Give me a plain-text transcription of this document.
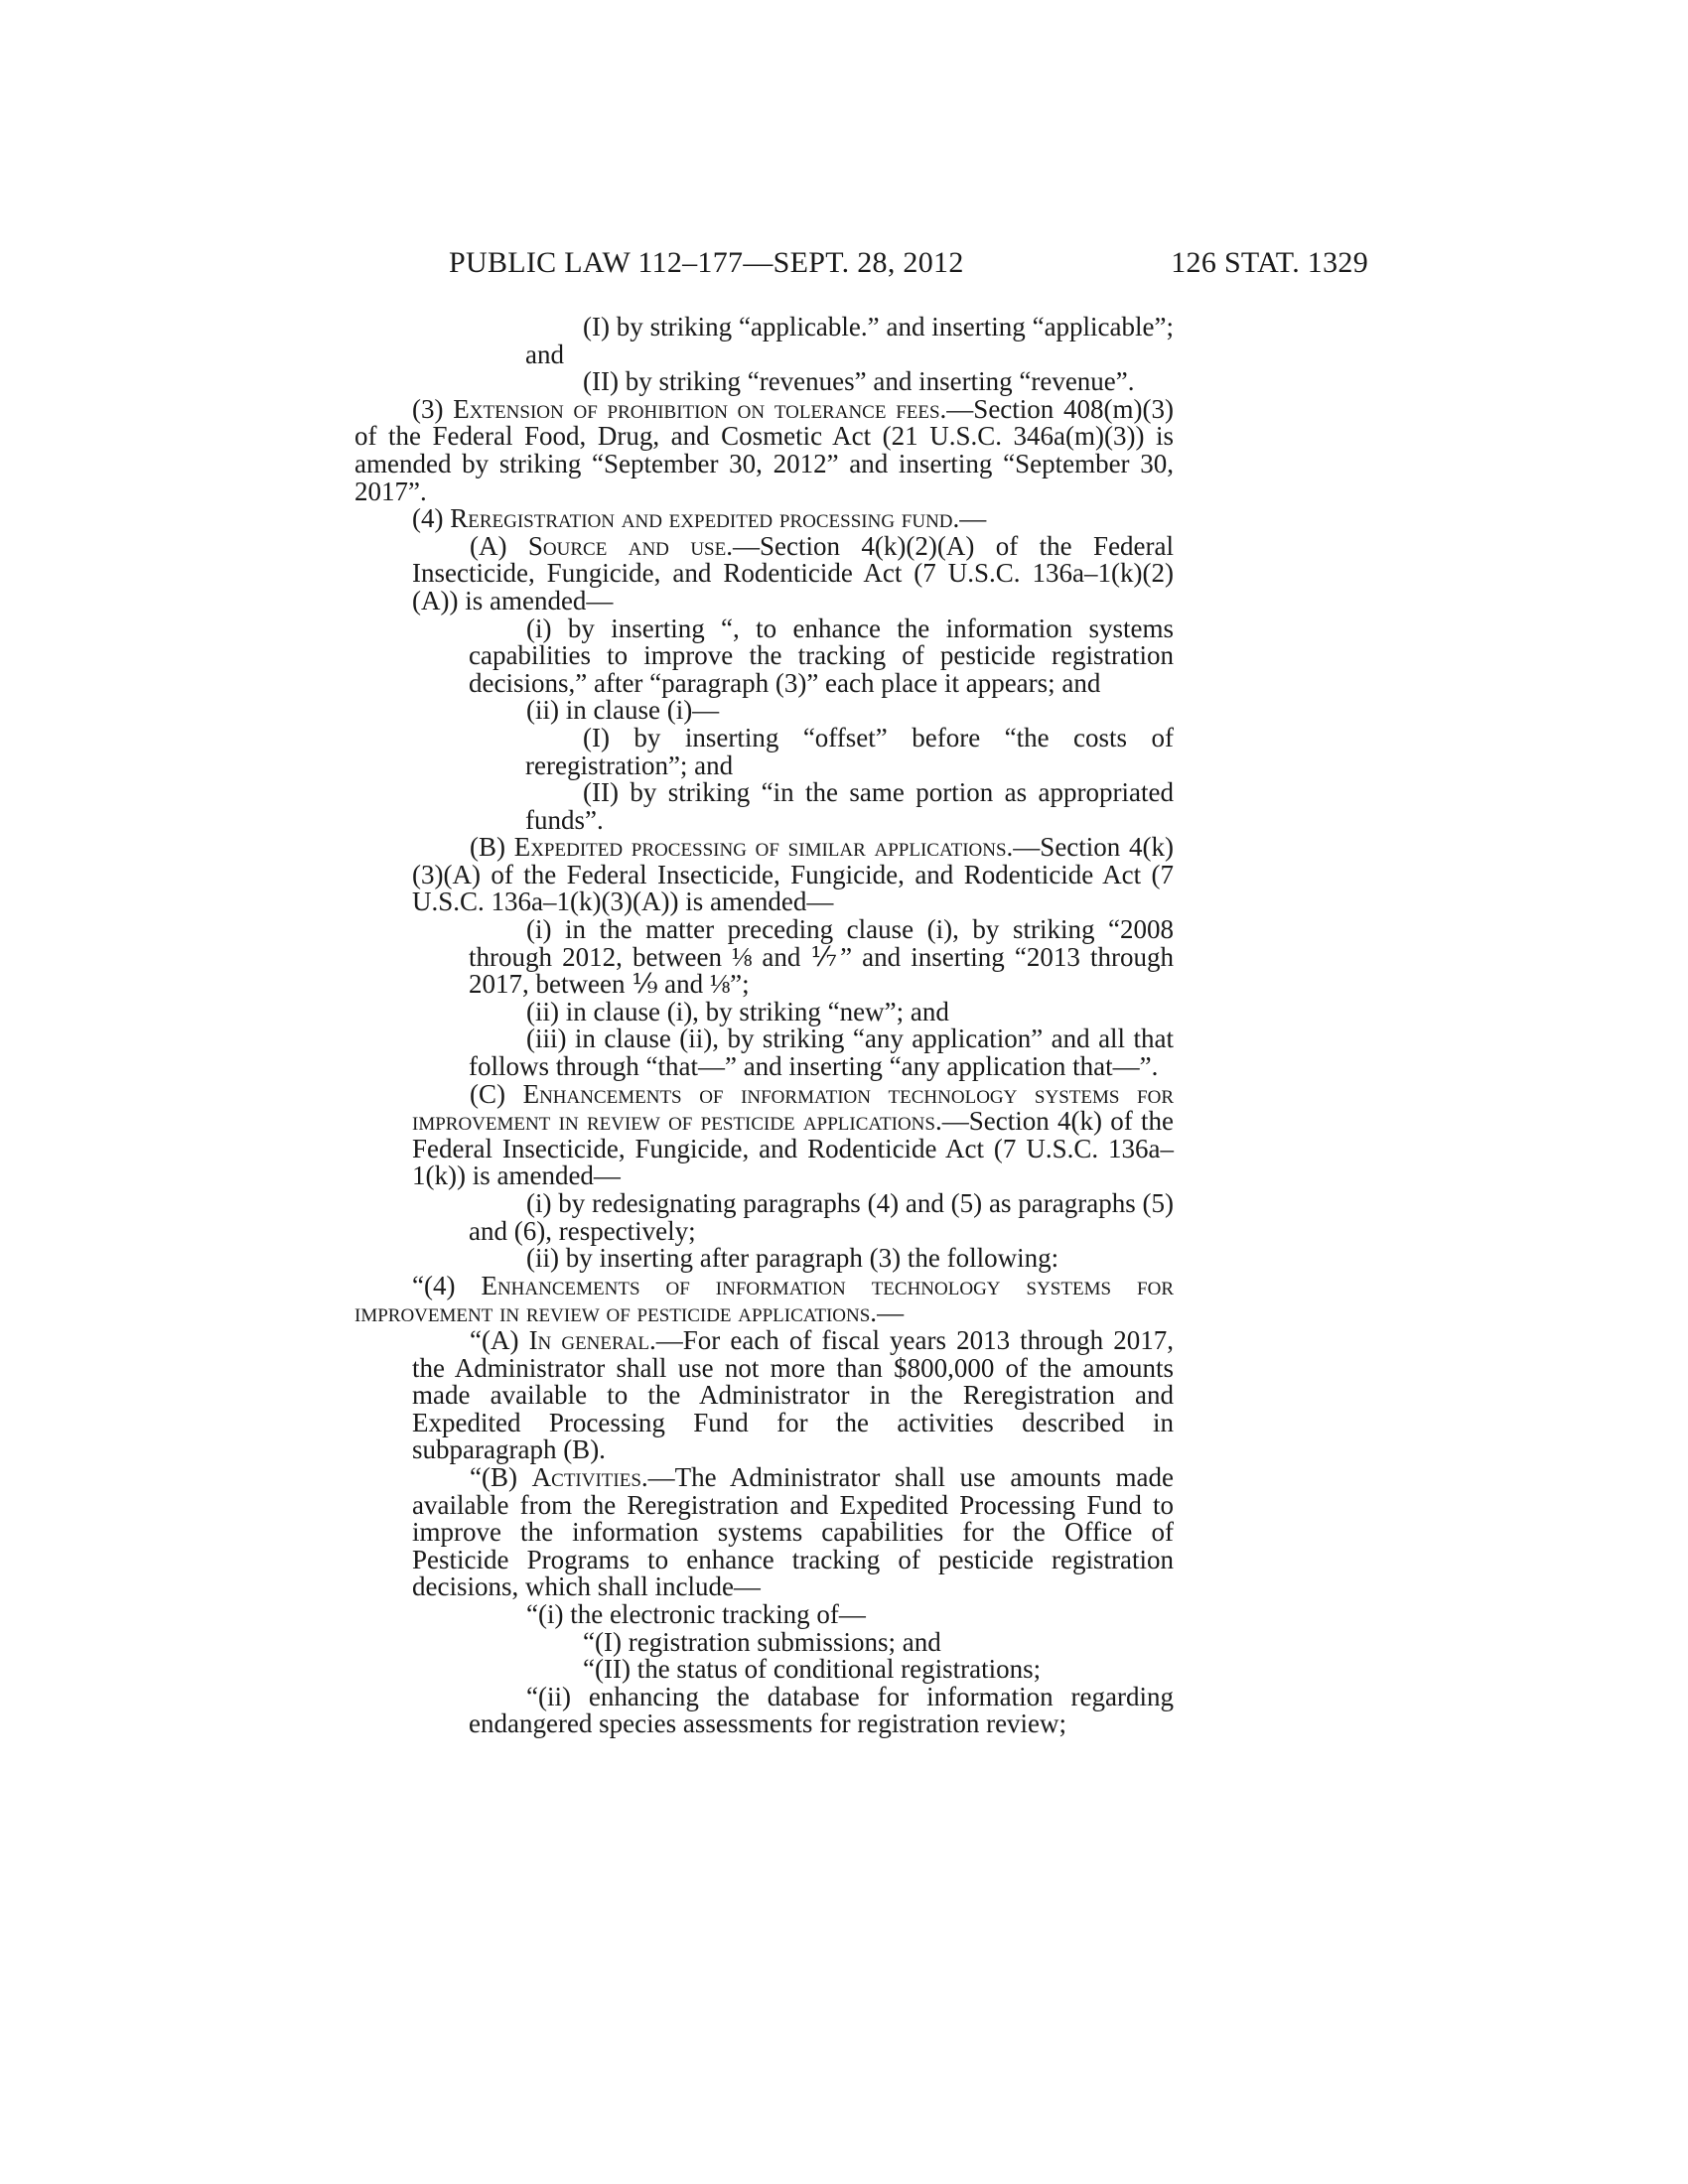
PUBLIC LAW 112–177—SEPT. 28, 2012	126 STAT. 1329

(I) by striking “applicable.” and inserting “applicable”; and

(II) by striking “revenues” and inserting “revenue”.

(3) Extension of prohibition on tolerance fees.—Section 408(m)(3) of the Federal Food, Drug, and Cosmetic Act (21 U.S.C. 346a(m)(3)) is amended by striking “September 30, 2012” and inserting “September 30, 2017”.

(4) Reregistration and expedited processing fund.—

(A) Source and use.—Section 4(k)(2)(A) of the Federal Insecticide, Fungicide, and Rodenticide Act (7 U.S.C. 136a–1(k)(2)(A)) is amended—

(i) by inserting “, to enhance the information systems capabilities to improve the tracking of pesticide registration decisions,” after “paragraph (3)” each place it appears; and

(ii) in clause (i)—

(I) by inserting “offset” before “the costs of reregistration”; and

(II) by striking “in the same portion as appropriated funds”.

(B) Expedited processing of similar applications.—Section 4(k)(3)(A) of the Federal Insecticide, Fungicide, and Rodenticide Act (7 U.S.C. 136a–1(k)(3)(A)) is amended—

(i) in the matter preceding clause (i), by striking “2008 through 2012, between ⅛ and ⅐” and inserting “2013 through 2017, between ⅑ and ⅛”;

(ii) in clause (i), by striking “new”; and

(iii) in clause (ii), by striking “any application” and all that follows through “that—” and inserting “any application that—”.

(C) Enhancements of information technology systems for improvement in review of pesticide applications.—Section 4(k) of the Federal Insecticide, Fungicide, and Rodenticide Act (7 U.S.C. 136a–1(k)) is amended—

(i) by redesignating paragraphs (4) and (5) as paragraphs (5) and (6), respectively;

(ii) by inserting after paragraph (3) the following:

“(4) Enhancements of information technology systems for improvement in review of pesticide applications.—

“(A) In general.—For each of fiscal years 2013 through 2017, the Administrator shall use not more than $800,000 of the amounts made available to the Administrator in the Reregistration and Expedited Processing Fund for the activities described in subparagraph (B).

“(B) Activities.—The Administrator shall use amounts made available from the Reregistration and Expedited Processing Fund to improve the information systems capabilities for the Office of Pesticide Programs to enhance tracking of pesticide registration decisions, which shall include—

“(i) the electronic tracking of—

“(I) registration submissions; and

“(II) the status of conditional registrations;

“(ii) enhancing the database for information regarding endangered species assessments for registration review;
